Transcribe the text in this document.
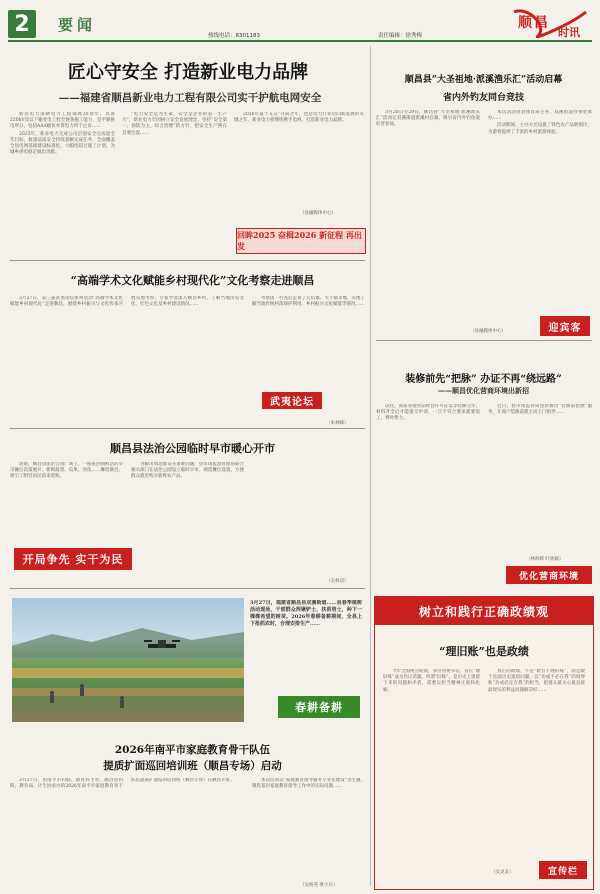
2 要闻
热线电话：8301183	责任编辑：徐秀梅
顺昌
时讯
匠心守安全 打造新业电力品牌
——福建省顺昌新业电力工程有限公司实干护航电网安全

新业电力深耕电力工程领域20余年，具备220kV及以下输变电工程全链条施工能力，是平顺供电所分，包括AAA级仿木资电力所个企业……

2025年，新业电力完成公司层面安全完成量全年目标，数量品质安全持续超额完成任务，全面覆盖全县电网基础建设标准化，大幅度超过施工计划，为城乡供电稳定做出贡献。

“电力安全是为生命，安全是企业的第一生产力”，新业电力牢固树立安全发展理念，坚持“安全第一、预防为主、综合治理”的方针，把安全生产摆在首要位置……

2026年第十五五”开局之年，也是电力行业迈向新发展的关键之年，新业电力将继续携手电网，打造新业电力品牌。

回眸2025 奋楫2026 新征程 再出发
（县融媒体中心）
“高端学术文化赋能乡村现代化”文化考察走进顺昌

3月27日，第三届武夷论坛系列活动“高端学术文化赋能乡村现代化”走进顺昌，围绕乡村振兴与文化传承开展实地考察，专家学者深入顺昌乡村，了解当地历史文化、红色文化及乡村建设情况……

考察团一行先后走访了元坑镇、大干镇等地，实地了解当地传统村落保护利用、乡村振兴文化赋能等情况……

武夷论坛
（朱林峰）
顺昌县法治公园临时早市暖心开市

清晨，顺昌县法治公园广场上，一座座热闹鲜活的早市摊位次第展开，新鲜蔬菜、瓜果、河鱼……琳琅满目，吸引了附近居民前来选购。

为解决周边群众买菜难问题，县市场监督管理局联合相关部门在法治公园设立临时早市，规范摊位设置，方便群众就近购买新鲜农产品。

开局争先 实干为民
（吴林清）

3月27日，福建省顺昌县双溪街道……县春季植树活动现场，干部群众挥锹铲土、扶苗培土，种下一棵棵希望的树苗。2026年春耕备耕期间，全县上下抢抓农时，合理安排生产……

春耕备耕
2026年南平市家庭教育骨干队伍
提质扩面巡回培训班（顺昌专场）启动

3月27日，由南平市妇联、教育局主办，顺昌县妇联、教育局、计生协承办的2026年南平市家庭教育骨干队伍提质扩面巡回培训班（顺昌专场）在顺昌开班。	本次培训以“家庭教育指导服务专业化建设”为主题，聚焦基层家庭教育指导工作中的实际问题……

（吴杨英 黄小兵）
顺昌县“大圣祖地·派溪渔乐汇”活动启幕
省内外钓友同台竞技

3月28日至29日，顺昌县“大圣祖地·派溪渔乐汇”活动在双溪街道派溪村启幕，吸引省内外钓鱼爱好者参加。

本次活动由县体育局主办，双溪街道办事处承办……

活动期间，主办方还设置了特色农产品展销区，为游客提供了丰富的乡村旅游体验。

迎宾客
（县融媒体中心）
装修前先“把脉” 办证不再“绕远路”
——顺昌优化营商环境出新招

以往，商家办理食品经营许可证需等装修完毕，材料齐全后才能提交申请，一旦不符合要求就要返工，费时费力。

近日，县市场监管局创新推出“装修前把脉”服务，在商户装修前就主动上门指导……

（林海辉 叶欣颖）
优化营商环境
树立和践行正确政绩观
“理旧账”也是政绩

今年全国两会期间，多位省委书记、省长“理旧账”成为热议话题。所谓“旧账”，是历史上遗留下来的问题和矛盾，需要以担当精神正视和化解。

真正的政绩，不是“新官不理旧账”，而是敢于直面历史遗留问题，以“功成不必在我”的境界和“功成必定有我”的担当，把群众最关心最直接最现实的利益问题解决好……

（吴灵灵）	宣传栏
